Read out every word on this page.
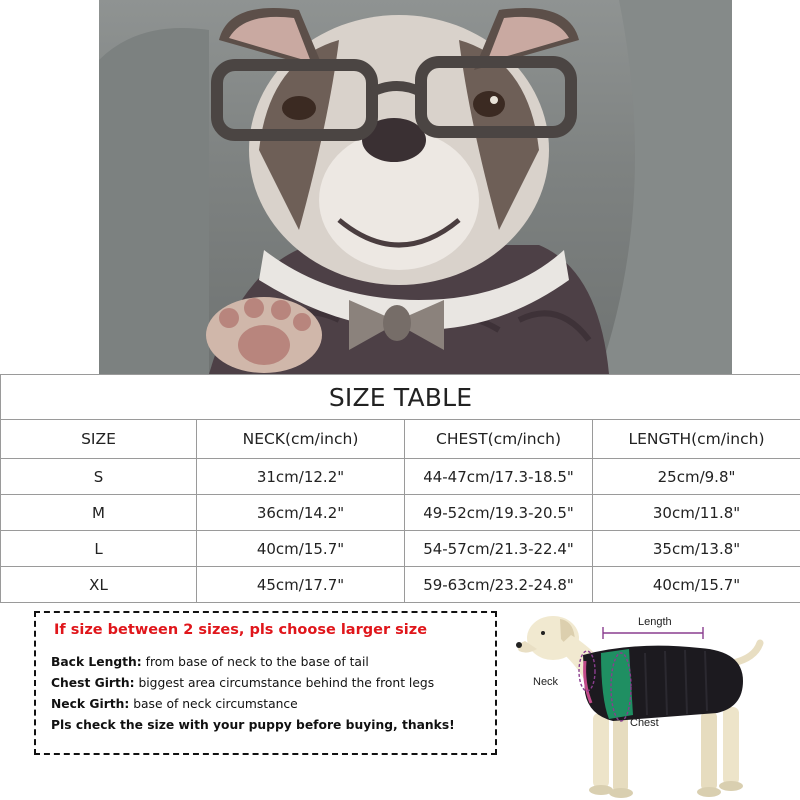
SIZE TABLE			
SIZE	NECK(cm/inch)	CHEST(cm/inch)	LENGTH(cm/inch)
S	31cm/12.2"	44-47cm/17.3-18.5"	25cm/9.8"
M	36cm/14.2"	49-52cm/19.3-20.5"	30cm/11.8"
L	40cm/15.7"	54-57cm/21.3-22.4"	35cm/13.8"
XL	45cm/17.7"	59-63cm/23.2-24.8"	40cm/15.7"
If size between 2 sizes, pls choose larger size
Back Length: from base of neck to the base of tail
Chest Girth: biggest area circumstance behind the front legs
Neck Girth: base of neck circumstance
Pls check the size with your puppy before buying, thanks!
Length
Neck
Chest
